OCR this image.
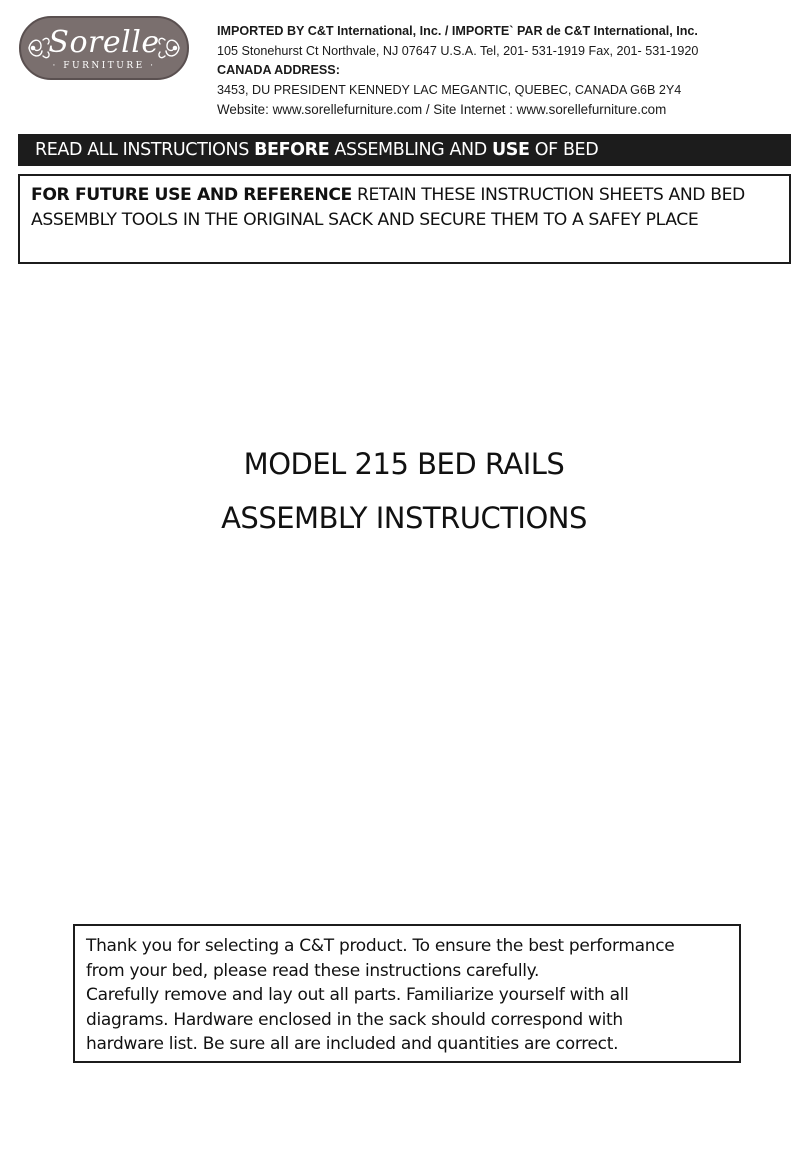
Sorelle
· FURNITURE ·
IMPORTED BY C&T International, Inc. / IMPORTE` PAR de C&T International, Inc.
105 Stonehurst Ct Northvale, NJ 07647 U.S.A. Tel, 201- 531-1919 Fax, 201- 531-1920
CANADA ADDRESS:
3453, DU PRESIDENT KENNEDY LAC MEGANTIC, QUEBEC, CANADA G6B 2Y4
Website: www.sorellefurniture.com / Site Internet : www.sorellefurniture.com
READ ALL INSTRUCTIONS BEFORE ASSEMBLING AND USE OF BED
FOR FUTURE USE AND REFERENCE RETAIN THESE INSTRUCTION SHEETS AND BED ASSEMBLY TOOLS IN THE ORIGINAL SACK AND SECURE THEM TO A SAFEY PLACE
MODEL 215 BED RAILS
ASSEMBLY INSTRUCTIONS
Thank you for selecting a C&T product. To ensure the best performance
from your bed, please read these instructions carefully.
Carefully remove and lay out all parts. Familiarize yourself with all
diagrams. Hardware enclosed in the sack should correspond with
hardware list. Be sure all are included and quantities are correct.
